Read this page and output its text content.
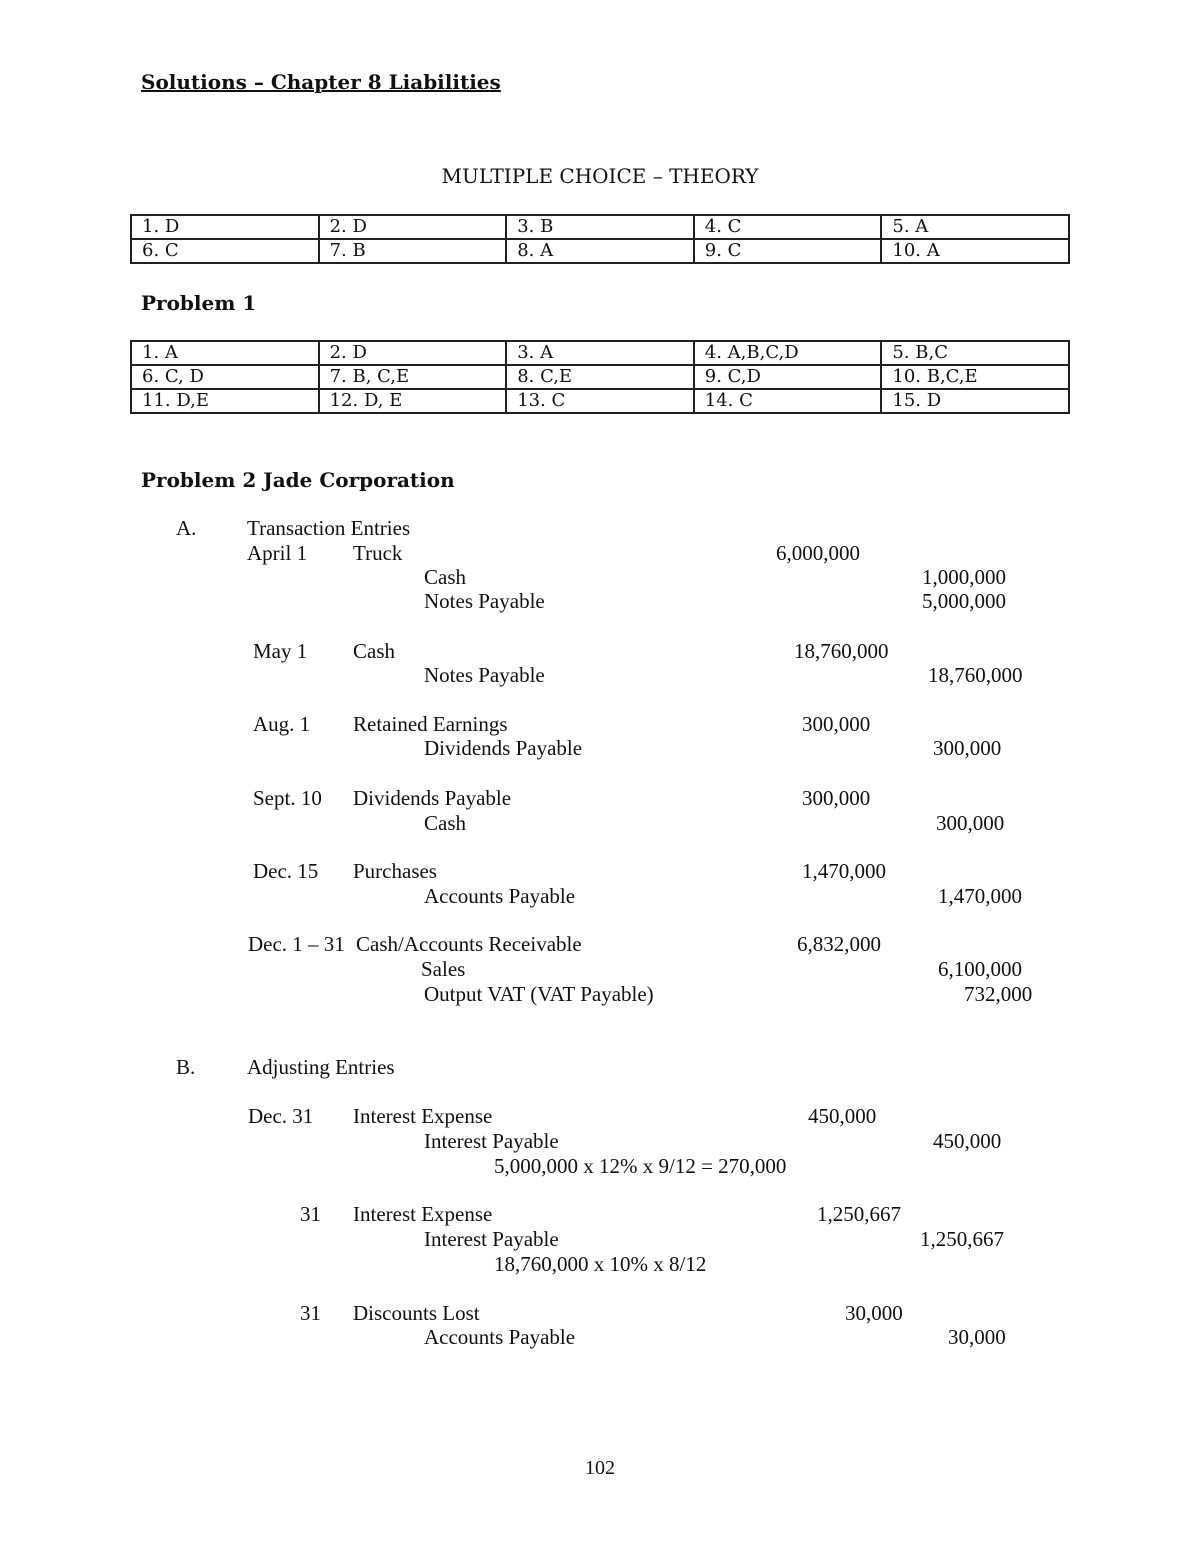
Solutions – Chapter 8 Liabilities
MULTIPLE CHOICE – THEORY
1. D	2. D	3. B	4. C	5. A
6. C	7. B	8. A	9. C	10. A
Problem 1
1. A	2. D	3. A	4. A,B,C,D	5. B,C
6. C, D	7. B, C,E	8. C,E	9. C,D	10. B,C,E
11. D,E	12. D, E	13. C	14. C	15. D
Problem 2 Jade Corporation
A. Transaction Entries
April 1 Truck	6,000,000
Cash	1,000,000
Notes Payable	5,000,000
May 1 Cash	18,760,000
Notes Payable	18,760,000
Aug. 1 Retained Earnings	300,000
Dividends Payable	300,000
Sept. 10 Dividends Payable	300,000
Cash	300,000
Dec. 15 Purchases	1,470,000
Accounts Payable	1,470,000
Dec. 1 – 31 Cash/Accounts Receivable	6,832,000
Sales	6,100,000
Output VAT (VAT Payable)	732,000
B. Adjusting Entries
Dec. 31 Interest Expense	450,000
Interest Payable	450,000
5,000,000 x 12% x 9/12 = 270,000
31 Interest Expense	1,250,667
Interest Payable	1,250,667
18,760,000 x 10% x 8/12
31 Discounts Lost	30,000
Accounts Payable	30,000
102
